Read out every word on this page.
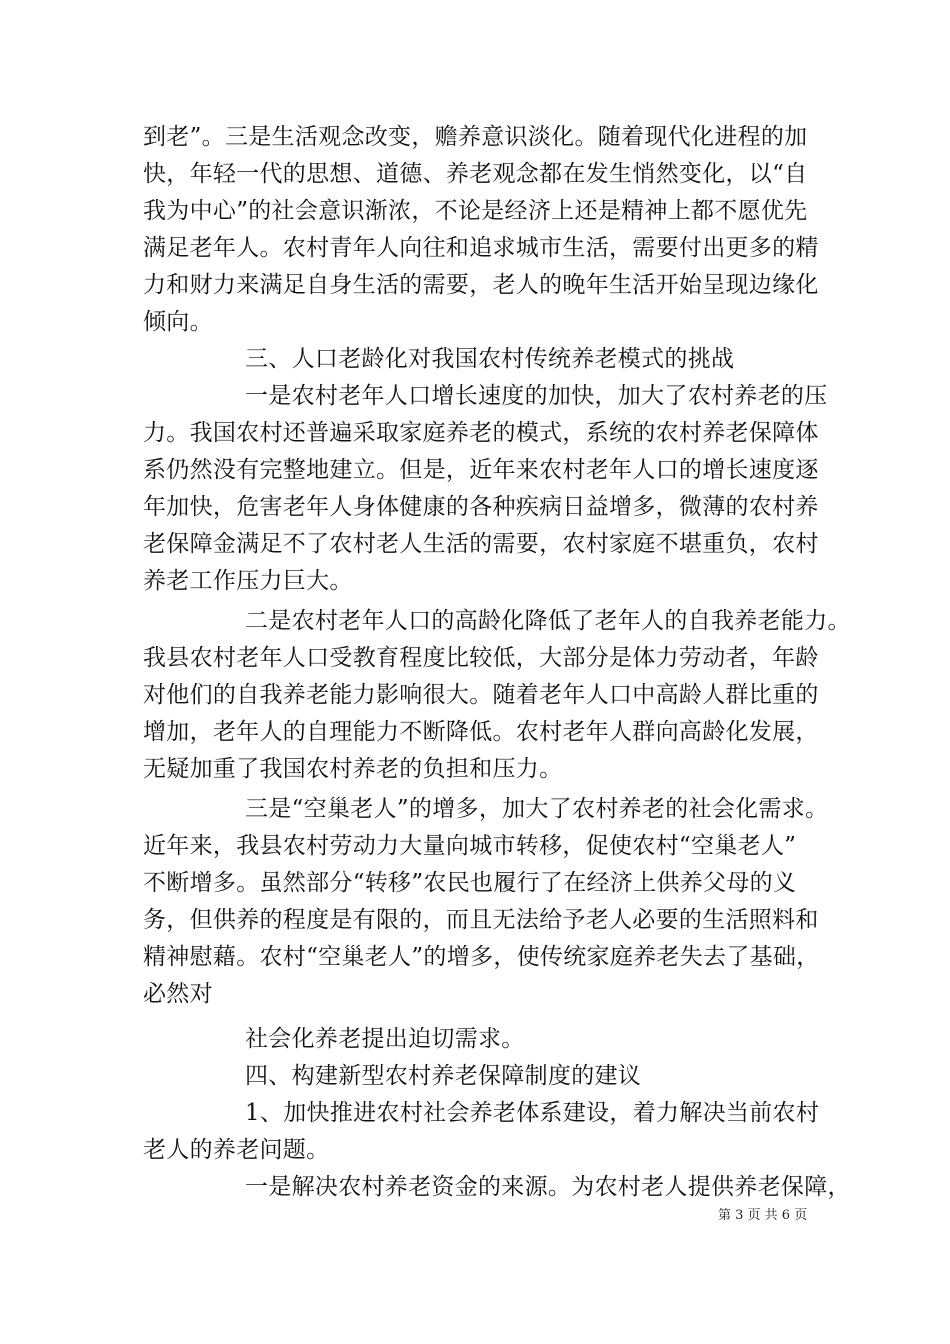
到老”。三是生活观念改变，赡养意识淡化。随着现代化进程的加
快，年轻一代的思想、道德、养老观念都在发生悄然变化，以“自
我为中心”的社会意识渐浓，不论是经济上还是精神上都不愿优先
满足老年人。农村青年人向往和追求城市生活，需要付出更多的精
力和财力来满足自身生活的需要，老人的晚年生活开始呈现边缘化
倾向。
三、人口老龄化对我国农村传统养老模式的挑战
一是农村老年人口增长速度的加快，加大了农村养老的压
力。我国农村还普遍采取家庭养老的模式，系统的农村养老保障体
系仍然没有完整地建立。但是，近年来农村老年人口的增长速度逐
年加快，危害老年人身体健康的各种疾病日益增多，微薄的农村养
老保障金满足不了农村老人生活的需要，农村家庭不堪重负，农村
养老工作压力巨大。
二是农村老年人口的高龄化降低了老年人的自我养老能力。
我县农村老年人口受教育程度比较低，大部分是体力劳动者，年龄
对他们的自我养老能力影响很大。随着老年人口中高龄人群比重的
增加，老年人的自理能力不断降低。农村老年人群向高龄化发展，
无疑加重了我国农村养老的负担和压力。
三是“空巢老人”的增多，加大了农村养老的社会化需求。
近年来，我县农村劳动力大量向城市转移，促使农村“空巢老人”
不断增多。虽然部分“转移”农民也履行了在经济上供养父母的义
务，但供养的程度是有限的，而且无法给予老人必要的生活照料和
精神慰藉。农村“空巢老人”的增多，使传统家庭养老失去了基础，
必然对
社会化养老提出迫切需求。
四、构建新型农村养老保障制度的建议
1、加快推进农村社会养老体系建设，着力解决当前农村
老人的养老问题。
一是解决农村养老资金的来源。为农村老人提供养老保障，
第 3 页 共 6 页
